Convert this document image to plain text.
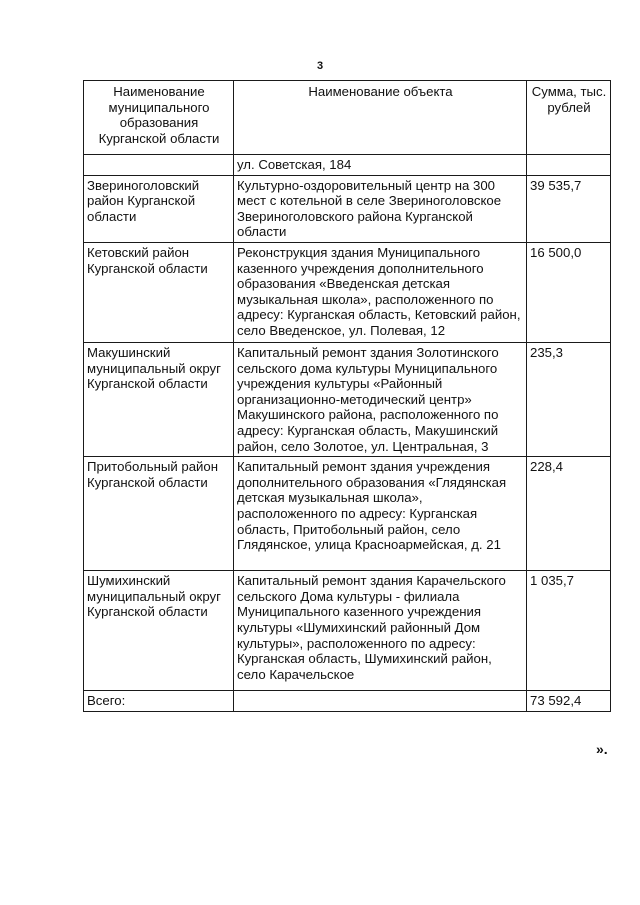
3
Наименование муниципального образования Курганской области	Наименование объекта	Сумма, тыс. рублей
	ул. Советская, 184	
Звериноголовский район Курганской области	Культурно-оздоровительный центр на 300 мест с котельной в селе Звериноголовское Звериноголовского района Курганской области	39 535,7
Кетовский район Курганской области	Реконструкция здания Муниципального казенного учреждения дополнительного образования «Введенская детская музыкальная школа», расположенного по адресу: Курганская область, Кетовский район, село Введенское, ул. Полевая, 12	16 500,0
Макушинский муниципальный округ Курганской области	Капитальный ремонт здания Золотинского сельского дома культуры Муниципального учреждения культуры «Районный организационно-методический центр» Макушинского района, расположенного по адресу: Курганская область, Макушинский район, село Золотое, ул. Центральная, 3	235,3
Притобольный район Курганской области	Капитальный ремонт здания учреждения дополнительного образования «Глядянская детская музыкальная школа», расположенного по адресу: Курганская область, Притобольный район, село Глядянское, улица Красноармейская, д. 21	228,4
Шумихинский муниципальный округ Курганской области	Капитальный ремонт здания Карачельского сельского Дома культуры - филиала Муниципального казенного учреждения культуры «Шумихинский районный Дом культуры», расположенного по адресу: Курганская область, Шумихинский район, село Карачельское	1 035,7
Всего:		73 592,4
».
